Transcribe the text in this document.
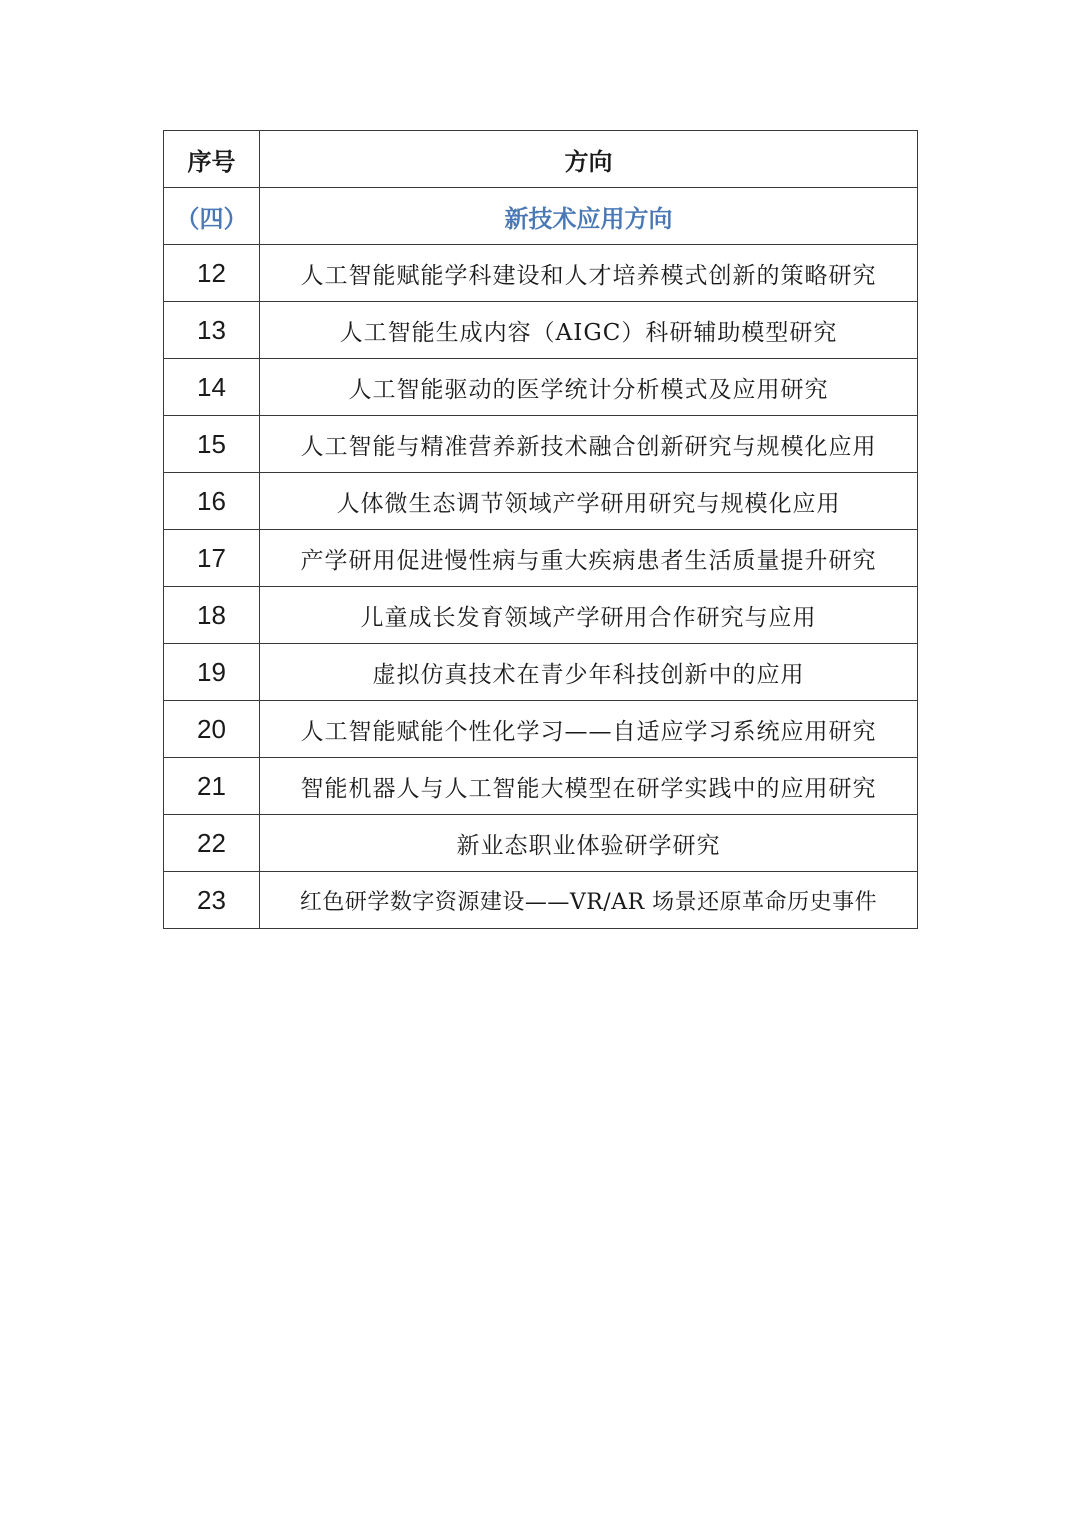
序号	方向
（四）	新技术应用方向
12	人工智能赋能学科建设和人才培养模式创新的策略研究
13	人工智能生成内容（AIGC）科研辅助模型研究
14	人工智能驱动的医学统计分析模式及应用研究
15	人工智能与精准营养新技术融合创新研究与规模化应用
16	人体微生态调节领域产学研用研究与规模化应用
17	产学研用促进慢性病与重大疾病患者生活质量提升研究
18	儿童成长发育领域产学研用合作研究与应用
19	虚拟仿真技术在青少年科技创新中的应用
20	人工智能赋能个性化学习——自适应学习系统应用研究
21	智能机器人与人工智能大模型在研学实践中的应用研究
22	新业态职业体验研学研究
23	红色研学数字资源建设——VR/AR 场景还原革命历史事件
